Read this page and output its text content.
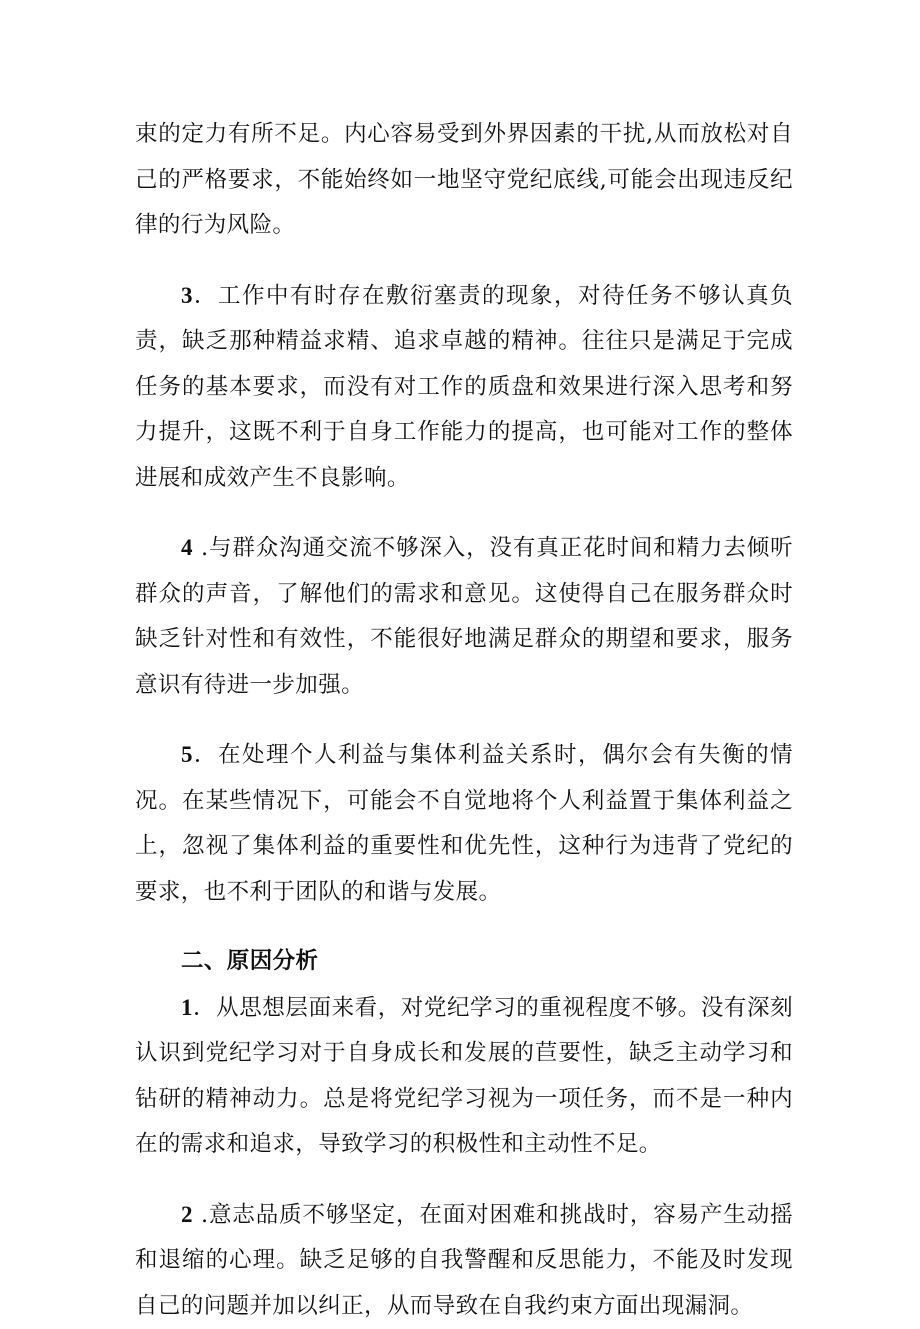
束的定力有所不足。内心容易受到外界因素的干扰,从而放松对自己的严格要求，不能始终如一地坚守党纪底线,可能会出现违反纪律的行为风险。

3．工作中有时存在敷衍塞责的现象，对待任务不够认真负责，缺乏那种精益求精、追求卓越的精神。往往只是满足于完成任务的基本要求，而没有对工作的质盘和效果进行深入思考和努力提升，这既不利于自身工作能力的提高，也可能对工作的整体进展和成效产生不良影响。

4 .与群众沟通交流不够深入，没有真正花时间和精力去倾听群众的声音，了解他们的需求和意见。这使得自己在服务群众时缺乏针对性和有效性，不能很好地满足群众的期望和要求，服务意识有待进一步加强。

5．在处理个人利益与集体利益关系时，偶尔会有失衡的情况。在某些情况下，可能会不自觉地将个人利益置于集体利益之上，忽视了集体利益的重要性和优先性，这种行为违背了党纪的要求，也不利于团队的和谐与发展。

二、原因分析

1．从思想层面来看，对党纪学习的重视程度不够。没有深刻认识到党纪学习对于自身成长和发展的苣要性，缺乏主动学习和钻研的精神动力。总是将党纪学习视为一项任务，而不是一种内在的需求和追求，导致学习的积极性和主动性不足。

2 .意志品质不够坚定，在面对困难和挑战时，容易产生动摇和退缩的心理。缺乏足够的自我警醒和反思能力，不能及时发现自己的问题并加以纠正，从而导致在自我约束方面出现漏洞。
